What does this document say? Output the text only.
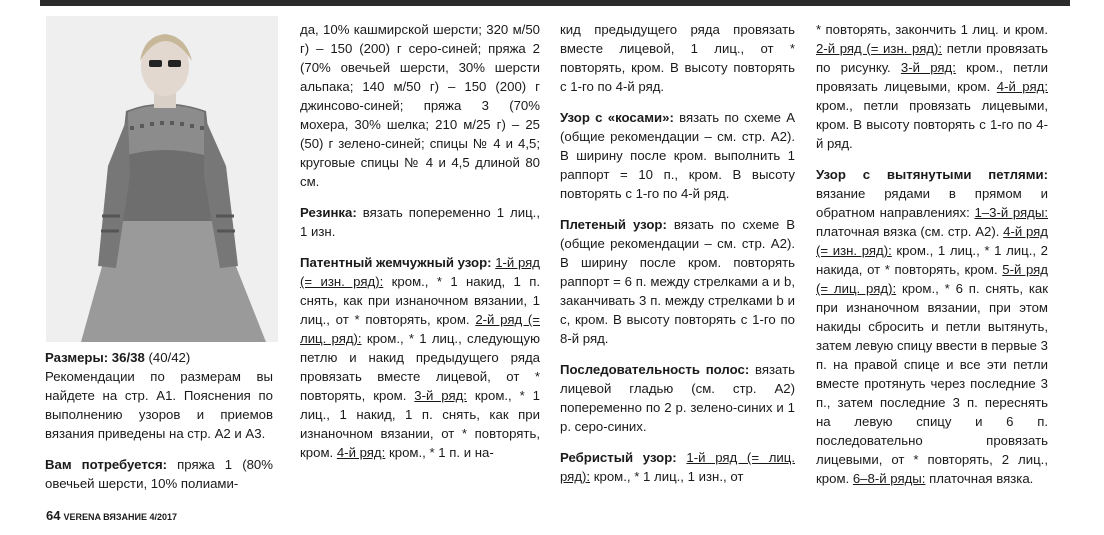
Размеры: 36/38 (40/42)
Рекомендации по размерам вы найдете на стр. А1. Пояснения по выполнению узоров и приемов вязания приведены на стр. А2 и А3.

Вам потребуется: пряжа 1 (80% овечьей шерсти, 10% полиами-

да, 10% кашмирской шерсти; 320 м/50 г) – 150 (200) г серо-синей; пряжа 2 (70% овечьей шерсти, 30% шерсти альпака; 140 м/50 г) – 150 (200) г джинсово-синей; пряжа 3 (70% мохера, 30% шелка; 210 м/25 г) – 25 (50) г зелено-синей; спицы № 4 и 4,5; круговые спицы № 4 и 4,5 длиной 80 см.

Резинка: вязать попеременно 1 лиц., 1 изн.

Патентный жемчужный узор: 1-й ряд (= изн. ряд): кром., * 1 накид, 1 п. снять, как при изнаночном вязании, 1 лиц., от * повторять, кром. 2-й ряд (= лиц. ряд): кром., * 1 лиц., следующую петлю и накид предыдущего ряда провязать вместе лицевой, от * повторять, кром. 3-й ряд: кром., * 1 лиц., 1 накид, 1 п. снять, как при изнаночном вязании, от * повторять, кром. 4-й ряд: кром., * 1 п. и на-

кид предыдущего ряда провязать вместе лицевой, 1 лиц., от * повторять, кром. В высоту повторять с 1-го по 4-й ряд.

Узор с «косами»: вязать по схеме А (общие рекомендации – см. стр. А2). В ширину после кром. выполнить 1 раппорт = 10 п., кром. В высоту повторять с 1-го по 4-й ряд.

Плетеный узор: вязать по схеме В (общие рекомендации – см. стр. А2). В ширину после кром. повторять раппорт = 6 п. между стрелками a и b, заканчивать 3 п. между стрелками b и c, кром. В высоту повторять с 1-го по 8-й ряд.

Последовательность полос: вязать лицевой гладью (см. стр. А2) попеременно по 2 р. зелено-синих и 1 р. серо-синих.

Ребристый узор: 1-й ряд (= лиц. ряд): кром., * 1 лиц., 1 изн., от

* повторять, закончить 1 лиц. и кром. 2-й ряд (= изн. ряд): петли провязать по рисунку. 3-й ряд: кром., петли провязать лицевыми, кром. 4-й ряд: кром., петли провязать лицевыми, кром. В высоту повторять с 1-го по 4-й ряд.

Узор с вытянутыми петлями: вязание рядами в прямом и обратном направлениях: 1–3-й ряды: платочная вязка (см. стр. А2). 4-й ряд (= изн. ряд): кром., 1 лиц., * 1 лиц., 2 накида, от * повторять, кром. 5-й ряд (= лиц. ряд): кром., * 6 п. снять, как при изнаночном вязании, при этом накиды сбросить и петли вытянуть, затем левую спицу ввести в первые 3 п. на правой спице и все эти петли вместе протянуть через последние 3 п., затем последние 3 п. переснять на левую спицу и 6 п. последовательно провязать лицевыми, от * повторять, 2 лиц., кром. 6–8-й ряды: платочная вязка.

64 VERENA ВЯЗАНИЕ 4/2017
